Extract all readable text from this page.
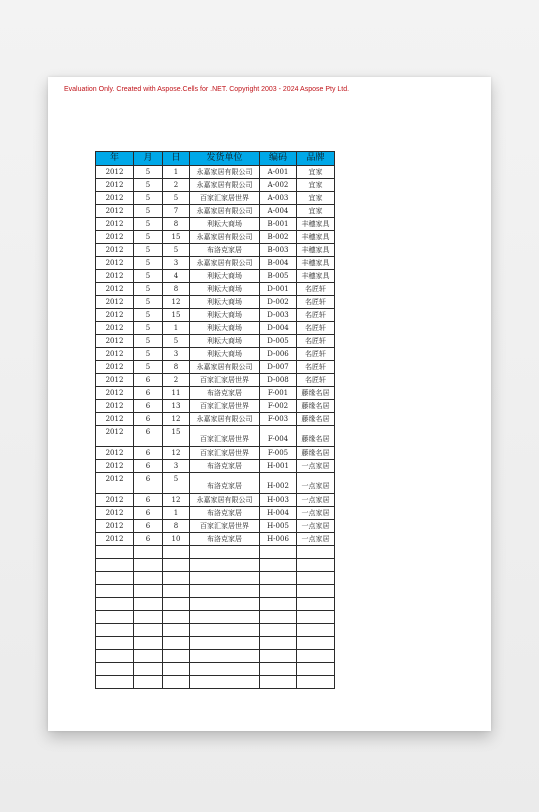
Evaluation Only. Created with Aspose.Cells for .NET. Copyright 2003 - 2024 Aspose Pty Ltd.
年	月	日	发货单位	编码	品牌
2012	5	1	永嘉家居有限公司	A-001	宜家
2012	5	2	永嘉家居有限公司	A-002	宜家
2012	5	5	百家汇家居世界	A-003	宜家
2012	5	7	永嘉家居有限公司	A-004	宜家
2012	5	8	利耘大商场	B-001	丰穗家具
2012	5	15	永嘉家居有限公司	B-002	丰穗家具
2012	5	5	布洛克家居	B-003	丰穗家具
2012	5	3	永嘉家居有限公司	B-004	丰穗家具
2012	5	4	利耘大商场	B-005	丰穗家具
2012	5	8	利耘大商场	D-001	名匠轩
2012	5	12	利耘大商场	D-002	名匠轩
2012	5	15	利耘大商场	D-003	名匠轩
2012	5	1	利耘大商场	D-004	名匠轩
2012	5	5	利耘大商场	D-005	名匠轩
2012	5	3	利耘大商场	D-006	名匠轩
2012	5	8	永嘉家居有限公司	D-007	名匠轩
2012	6	2	百家汇家居世界	D-008	名匠轩
2012	6	11	布洛克家居	F-001	藤缘名居
2012	6	13	百家汇家居世界	F-002	藤缘名居
2012	6	12	永嘉家居有限公司	F-003	藤缘名居
2012	6	15	百家汇家居世界	F-004	藤缘名居
2012	6	12	百家汇家居世界	F-005	藤缘名居
2012	6	3	布洛克家居	H-001	一点家居
2012	6	5	布洛克家居	H-002	一点家居
2012	6	12	永嘉家居有限公司	H-003	一点家居
2012	6	1	布洛克家居	H-004	一点家居
2012	6	8	百家汇家居世界	H-005	一点家居
2012	6	10	布洛克家居	H-006	一点家居
